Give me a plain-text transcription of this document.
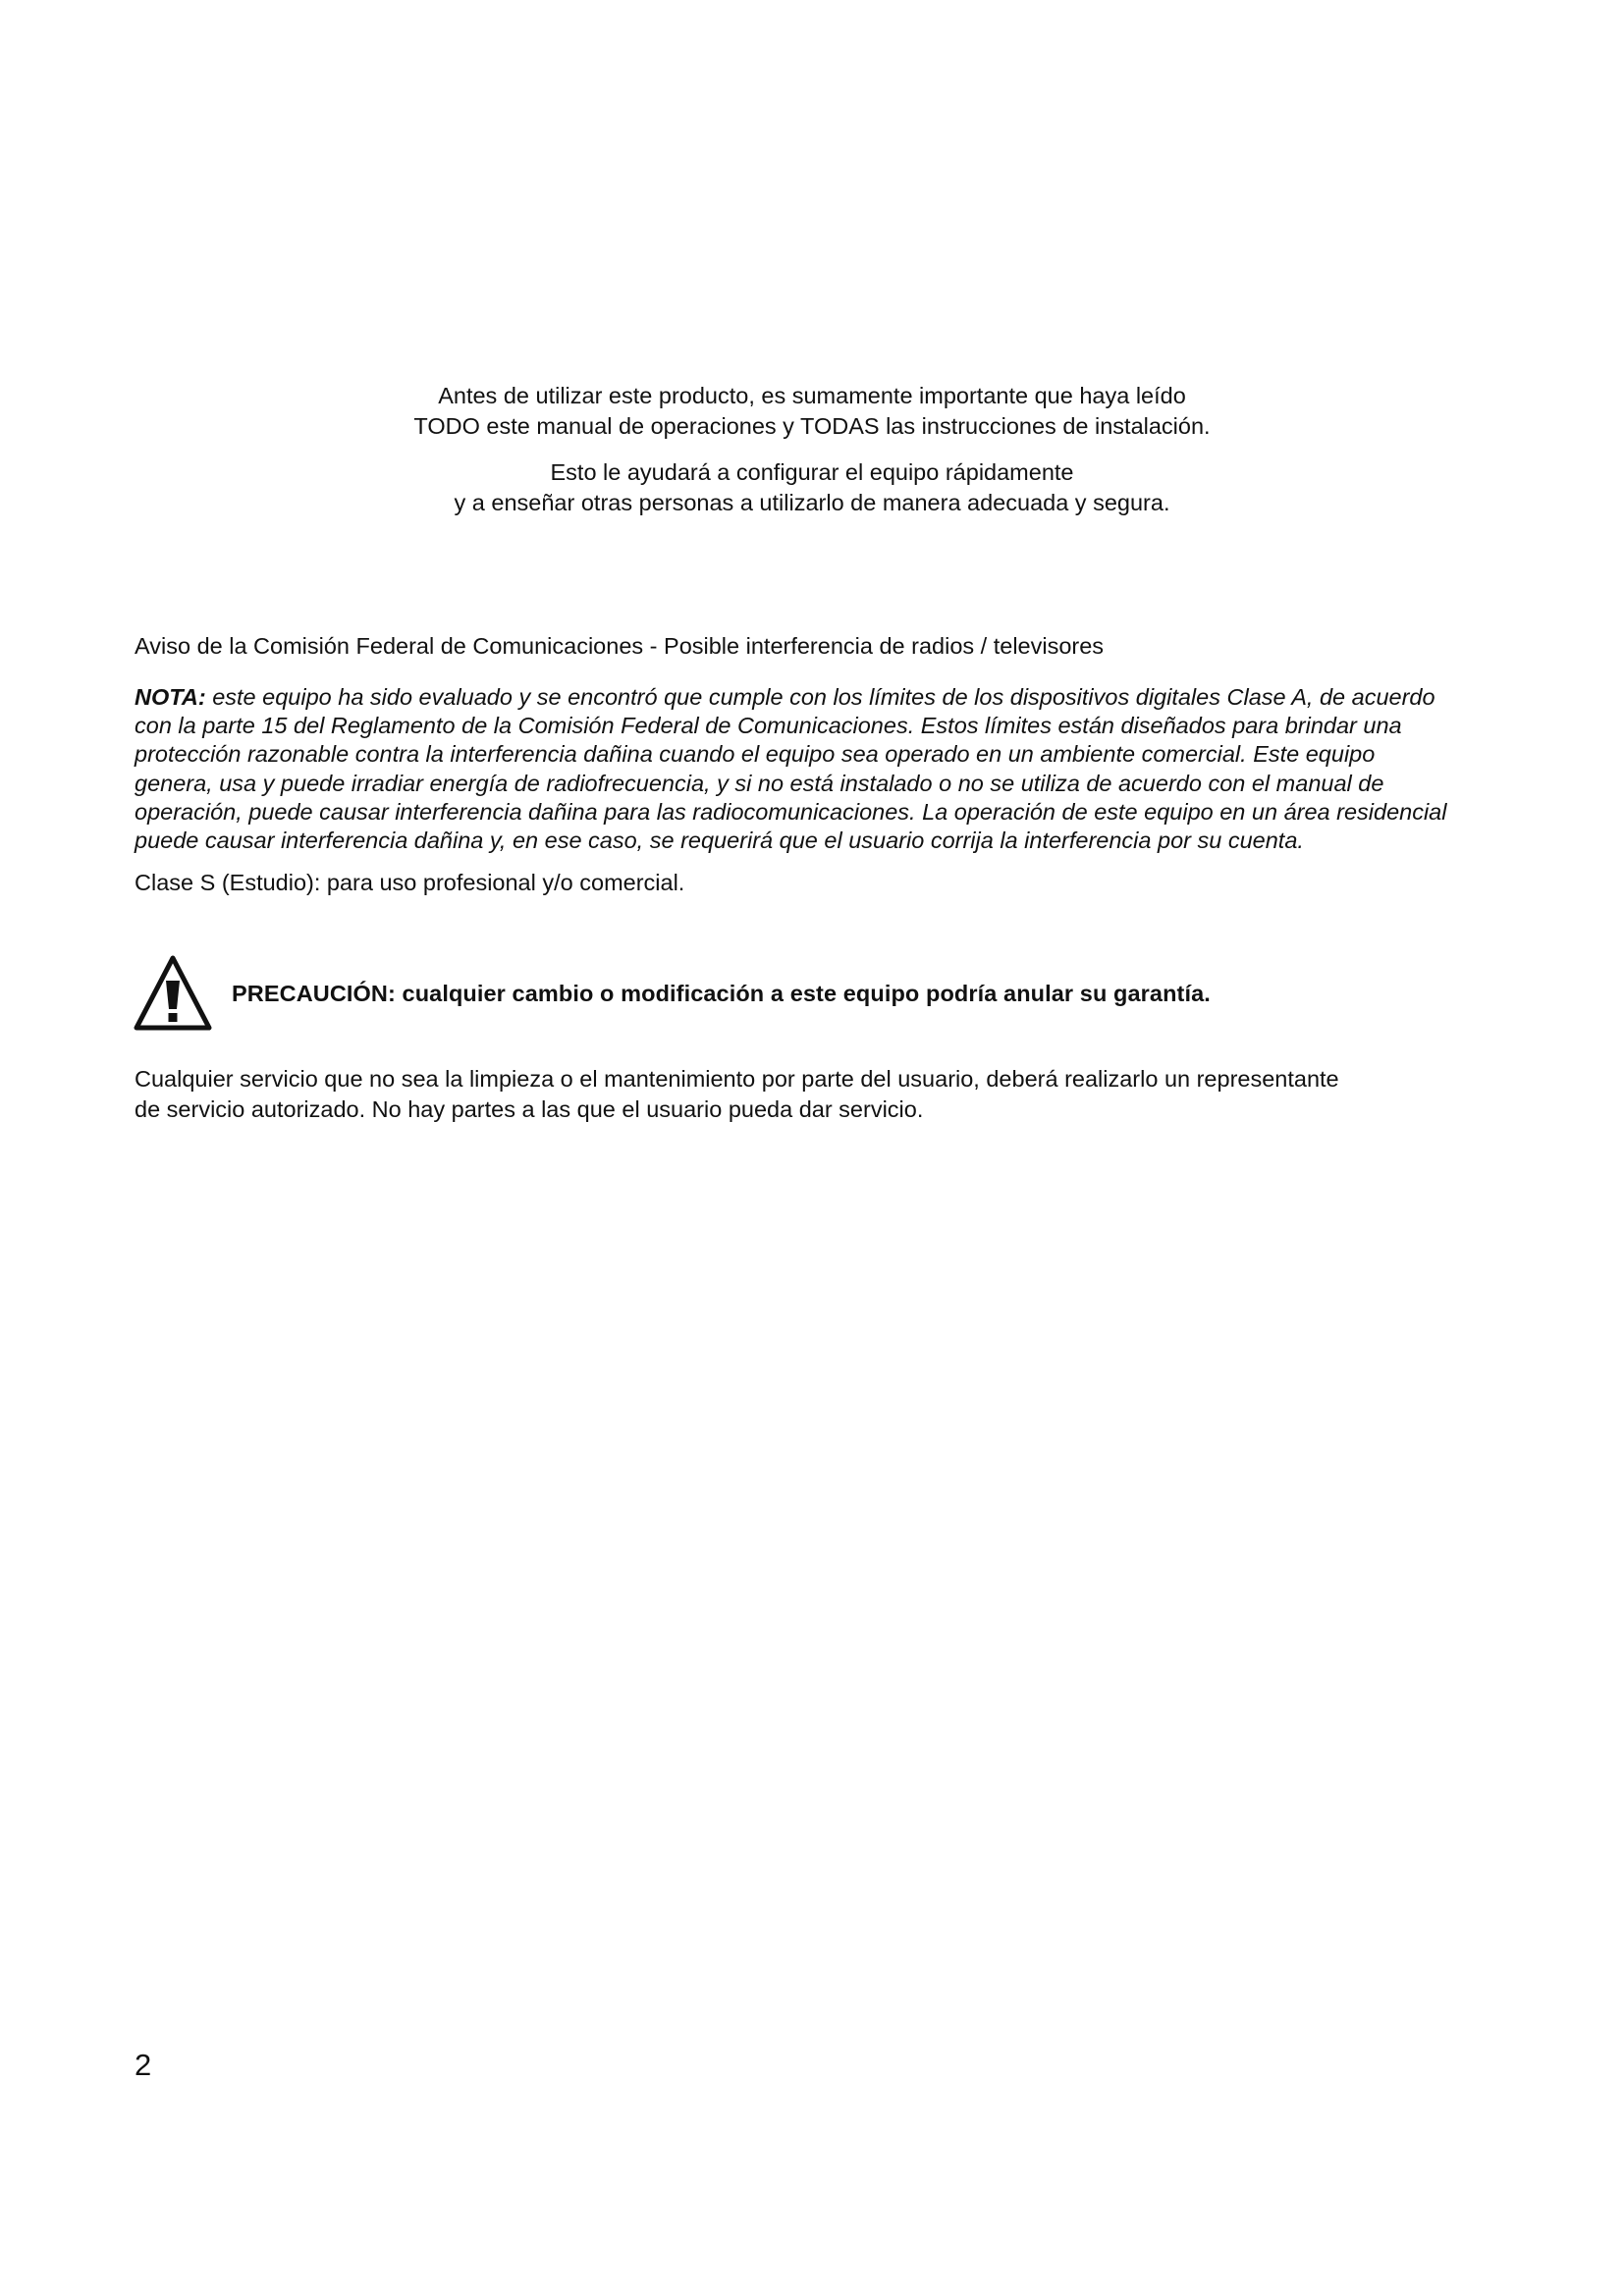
Antes de utilizar este producto, es sumamente importante que haya leído
TODO este manual de operaciones y TODAS las instrucciones de instalación.

Esto le ayudará a configurar el equipo rápidamente
y a enseñar otras personas a utilizarlo de manera adecuada y segura.

Aviso de la Comisión Federal de Comunicaciones - Posible interferencia de radios / televisores

NOTA: este equipo ha sido evaluado y se encontró que cumple con los límites de los dispositivos digitales Clase A, de acuerdo con la parte 15 del Reglamento de la Comisión Federal de Comunicaciones. Estos límites están diseñados para brindar una protección razonable contra la interferencia dañina cuando el equipo sea operado en un ambiente comercial. Este equipo genera, usa y puede irradiar energía de radiofrecuencia, y si no está instalado o no se utiliza de acuerdo con el manual de operación, puede causar interferencia dañina para las radiocomunicaciones. La operación de este equipo en un área residencial puede causar interferencia dañina y, en ese caso, se requerirá que el usuario corrija la interferencia por su cuenta.

Clase S (Estudio): para uso profesional y/o comercial.

PRECAUCIÓN: cualquier cambio o modificación a este equipo podría anular su garantía.

Cualquier servicio que no sea la limpieza o el mantenimiento por parte del usuario, deberá realizarlo un representante
de servicio autorizado. No hay partes a las que el usuario pueda dar servicio.

2
